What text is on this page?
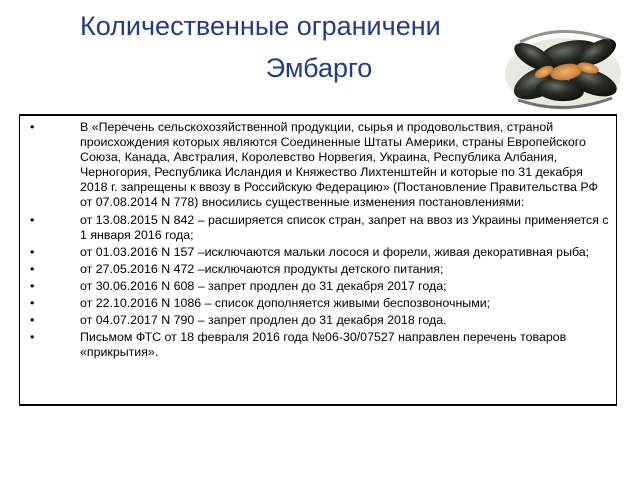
Количественные ограничени
Эмбарго
•	В «Перечень сельскохозяйственной продукции, сырья и продовольствия, страной происхождения которых являются Соединенные Штаты Америки, страны Европейского Союза, Канада, Австралия, Королевство Норвегия, Украина, Республика Албания, Черногория, Республика Исландия и Княжество Лихтенштейн и которые по 31 декабря 2018 г. запрещены к ввозу в Российскую Федерацию» (Постановление Правительства РФ от 07.08.2014 N 778) вносились существенные изменения постановлениями:
•	от 13.08.2015 N 842 – расширяется список стран, запрет на ввоз из Украины применяется с 1 января 2016 года;
•	от 01.03.2016 N 157 –исключаются мальки лосося и форели, живая декоративная рыба;
•	от 27.05.2016 N 472 –исключаются продукты детского питания;
•	от 30.06.2016 N 608 – запрет продлен до 31 декабря 2017 года;
•	от 22.10.2016 N 1086 – список дополняется живыми беспозвоночными;
•	от 04.07.2017 N 790 – запрет продлен до 31 декабря 2018 года.
•	Письмом ФТС от 18 февраля 2016 года №06-30/07527 направлен перечень товаров «прикрытия».
